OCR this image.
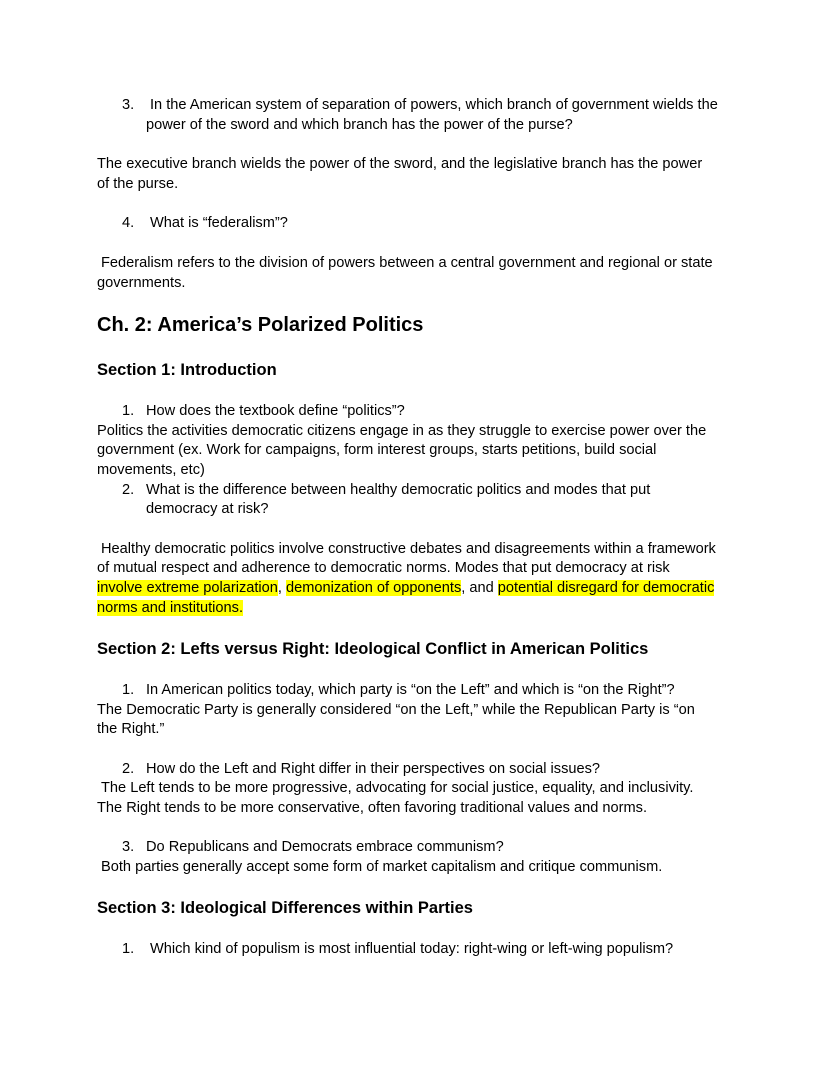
3. In the American system of separation of powers, which branch of government wields the
power of the sword and which branch has the power of the purse?
The executive branch wields the power of the sword, and the legislative branch has the power
of the purse.
4. What is “federalism”?
Federalism refers to the division of powers between a central government and regional or state
governments.
Ch. 2: America’s Polarized Politics
Section 1: Introduction
1. How does the textbook define “politics”?
Politics the activities democratic citizens engage in as they struggle to exercise power over the
government (ex. Work for campaigns, form interest groups, starts petitions, build social
movements, etc)
2. What is the difference between healthy democratic politics and modes that put
democracy at risk?
Healthy democratic politics involve constructive debates and disagreements within a framework
of mutual respect and adherence to democratic norms. Modes that put democracy at risk
involve extreme polarization, demonization of opponents, and potential disregard for democratic
norms and institutions.
Section 2: Lefts versus Right: Ideological Conflict in American Politics
1. In American politics today, which party is “on the Left” and which is “on the Right”?
The Democratic Party is generally considered “on the Left,” while the Republican Party is “on
the Right.”
2. How do the Left and Right differ in their perspectives on social issues?
The Left tends to be more progressive, advocating for social justice, equality, and inclusivity.
The Right tends to be more conservative, often favoring traditional values and norms.
3. Do Republicans and Democrats embrace communism?
Both parties generally accept some form of market capitalism and critique communism.
Section 3: Ideological Differences within Parties
1. Which kind of populism is most influential today: right-wing or left-wing populism?
